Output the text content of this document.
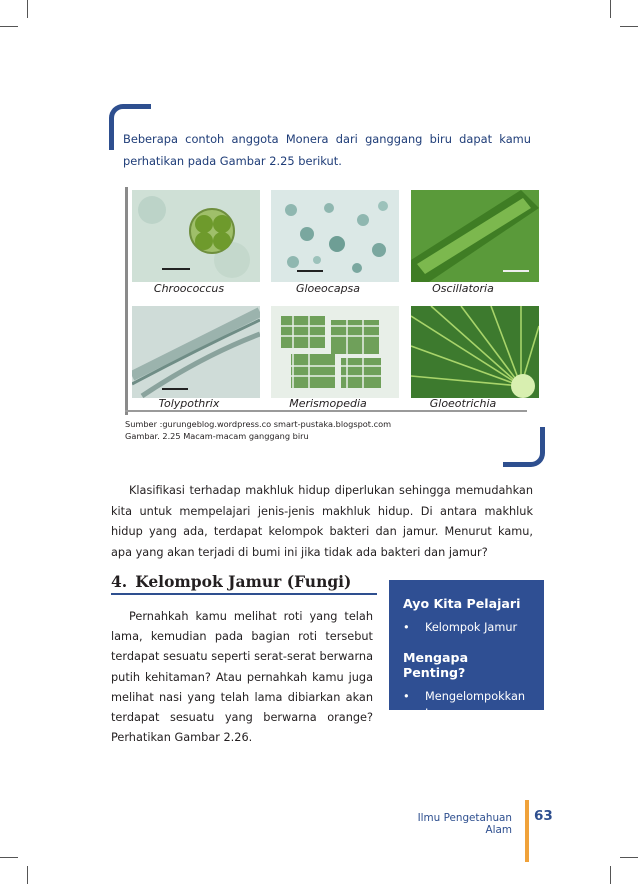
Beberapa contoh anggota Monera dari ganggang biru dapat kamu perhatikan pada Gambar 2.25 berikut.
Chroococcus	Gloeocapsa	Oscillatoria
Tolypothrix	Merismopedia	Gloeotrichia
Sumber :gurungeblog.wordpress.co smart-pustaka.blogspot.com
Gambar. 2.25 Macam-macam ganggang biru
Klasifikasi terhadap makhluk hidup diperlukan sehingga memudahkan kita untuk mempelajari jenis-jenis makhluk hidup. Di antara makhluk hidup yang ada, terdapat kelompok bakteri dan jamur. Menurut kamu, apa yang akan terjadi di bumi ini jika tidak ada bakteri dan jamur?
4. Kelompok Jamur (Fungi)
Pernahkah kamu melihat roti yang telah lama, kemudian pada bagian roti tersebut terdapat sesuatu seperti serat-serat berwarna putih kehitaman? Atau pernahkah kamu juga melihat nasi yang telah lama dibiarkan akan terdapat sesuatu yang berwarna orange? Perhatikan Gambar 2.26.
Ayo Kita Pelajari
• Kelompok Jamur
Mengapa Penting?
• Mengelompokkan Jamur
Ilmu Pengetahuan Alam
63
